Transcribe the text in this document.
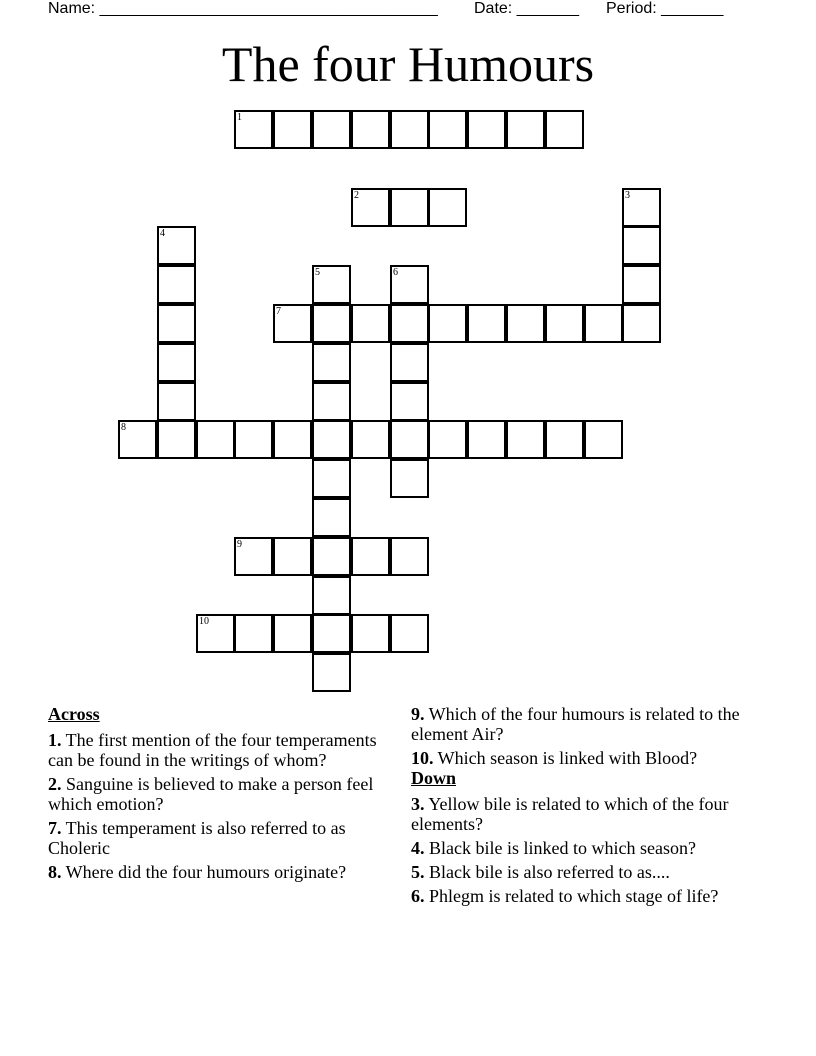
Name: ______________________________________ Date: _______ Period: _______
The four Humours
1
2	3
4
5	6
7
8
9
10
Across
1. The first mention of the four temperaments can be found in the writings of whom?
2. Sanguine is believed to make a person feel which emotion?
7. This temperament is also referred to as Choleric
8. Where did the four humours originate?
9. Which of the four humours is related to the element Air?
10. Which season is linked with Blood?
Down
3. Yellow bile is related to which of the four elements?
4. Black bile is linked to which season?
5. Black bile is also referred to as....
6. Phlegm is related to which stage of life?
